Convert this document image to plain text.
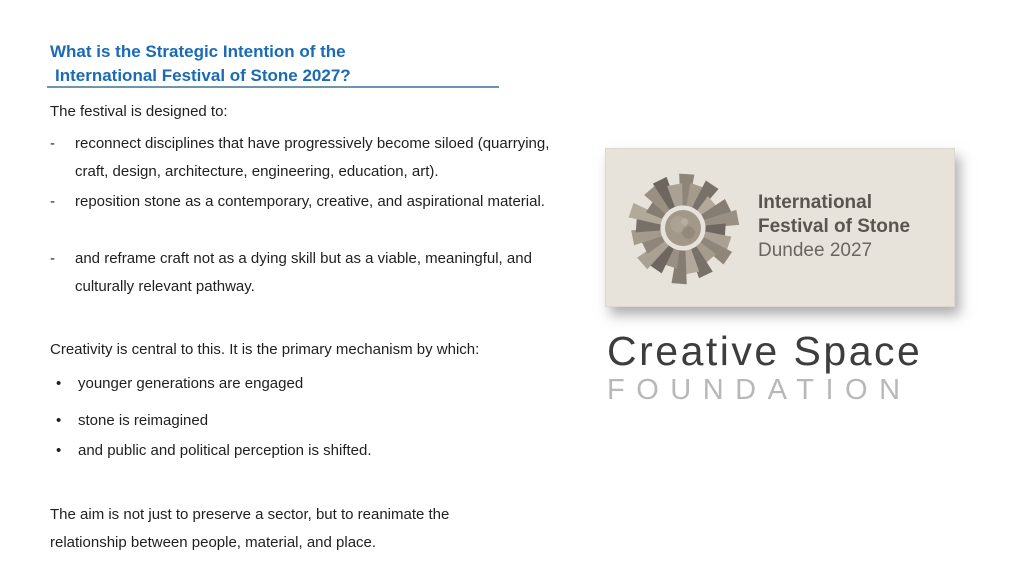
What is the Strategic Intention of the
International Festival of Stone 2027?
The festival is designed to:
-	reconnect disciplines that have progressively become siloed (quarrying, craft, design, architecture, engineering, education, art).
-	reposition stone as a contemporary, creative, and aspirational material.
-	and reframe craft not as a dying skill but as a viable, meaningful, and culturally relevant pathway.
Creativity is central to this. It is the primary mechanism by which:
•	younger generations are engaged
•	stone is reimagined
•	and public and political perception is shifted.
The aim is not just to preserve a sector, but to reanimate the relationship between people, material, and place.
International
Festival of Stone
Dundee 2027
Creative Space
FOUNDATION
